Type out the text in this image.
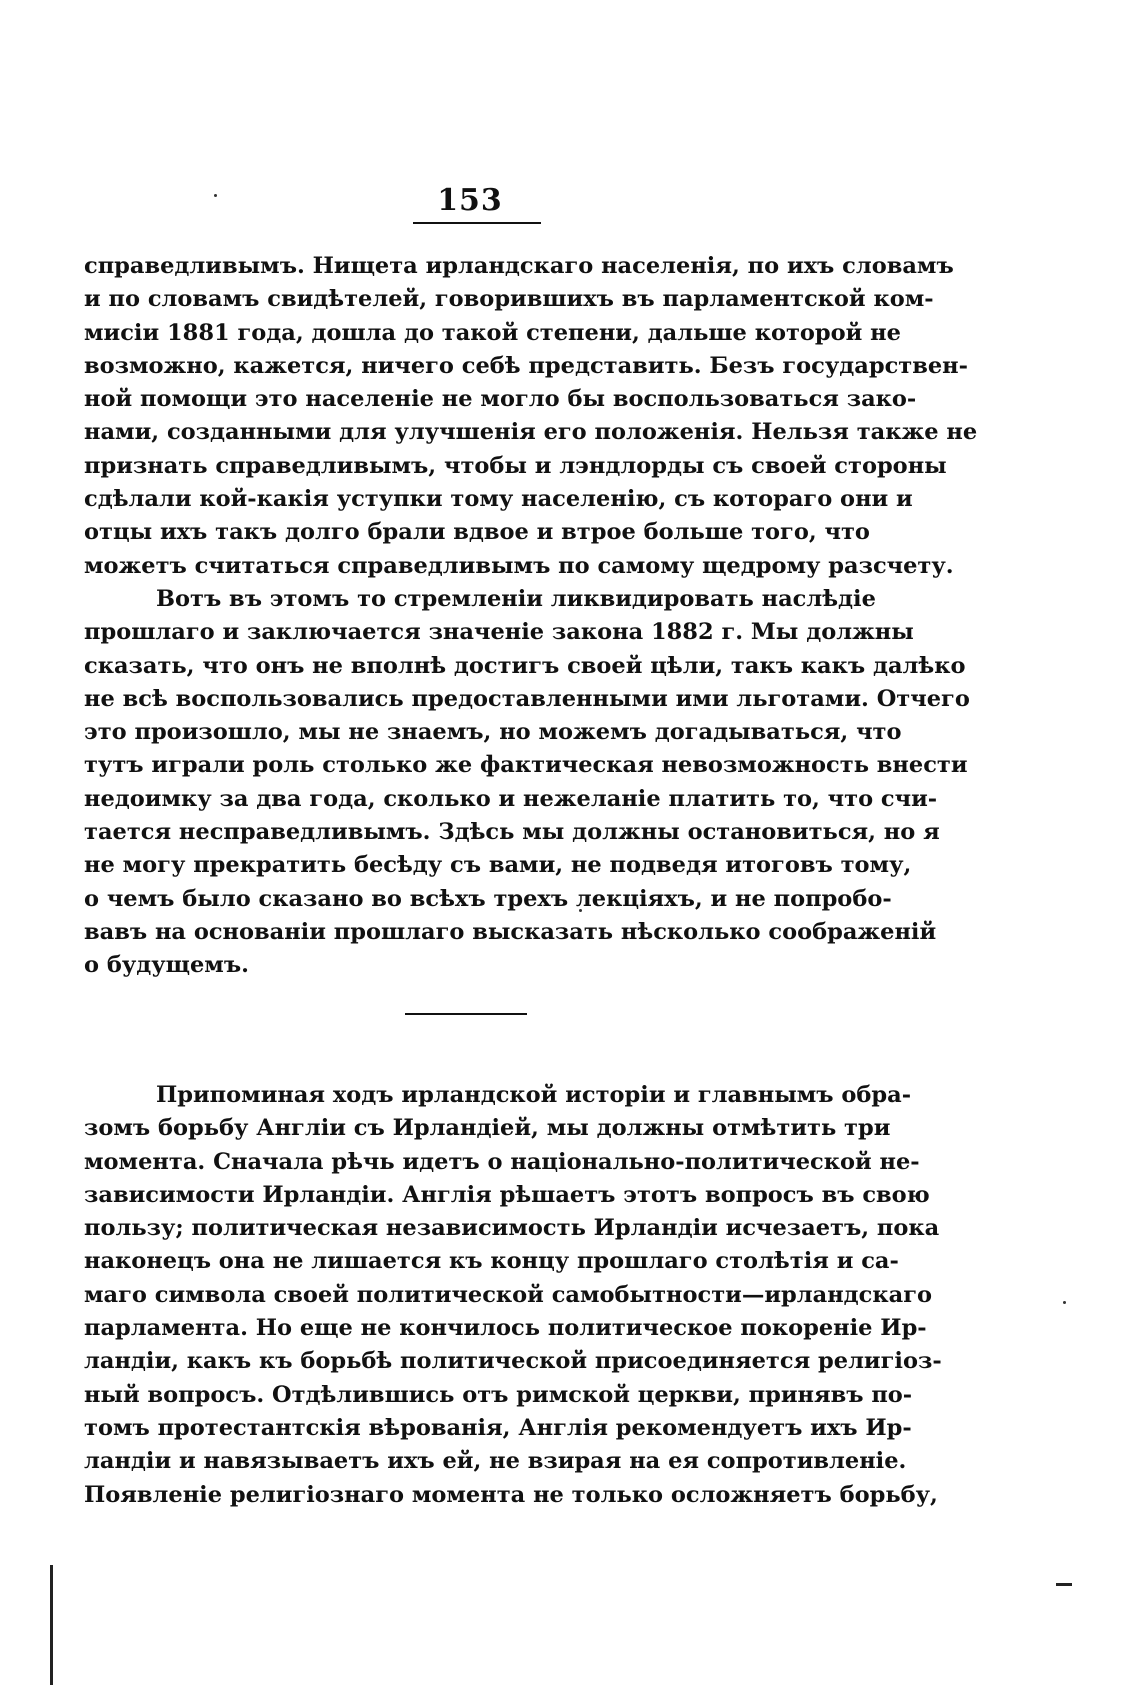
153
справедливымъ. Нищета ирландскаго населенія, по ихъ словамъ
и по словамъ свидѣтелей, говорившихъ въ парламентской ком-
мисіи 1881 года, дошла до такой степени, дальше которой не
возможно, кажется, ничего себѣ представить. Безъ государствен-
ной помощи это населеніе не могло бы воспользоваться зако-
нами, созданными для улучшенія его положенія. Нельзя также не
признать справедливымъ, чтобы и лэндлорды съ своей стороны
сдѣлали кой-какія уступки тому населенію, съ котораго они и
отцы ихъ такъ долго брали вдвое и втрое больше того, что
можетъ считаться справедливымъ по самому щедрому разсчету.
Вотъ въ этомъ то стремленіи ликвидировать наслѣдіе
прошлаго и заключается значеніе закона 1882 г. Мы должны
сказать, что онъ не вполнѣ достигъ своей цѣли, такъ какъ далѣко
не всѣ воспользовались предоставленными ими льготами. Отчего
это произошло, мы не знаемъ, но можемъ догадываться, что
тутъ играли роль столько же фактическая невозможность внести
недоимку за два года, сколько и нежеланіе платить то, что счи-
тается несправедливымъ. Здѣсь мы должны остановиться, но я
не могу прекратить бесѣду съ вами, не подведя итоговъ тому,
о чемъ было сказано во всѣхъ трехъ лекціяхъ, и не попробо-
вавъ на основаніи прошлаго высказать нѣсколько соображеній
о будущемъ.
Припоминая ходъ ирландской исторіи и главнымъ обра-
зомъ борьбу Англіи съ Ирландіей, мы должны отмѣтить три
момента. Сначала рѣчь идетъ о національно-политической не-
зависимости Ирландіи. Англія рѣшаетъ этотъ вопросъ въ свою
пользу; политическая независимость Ирландіи исчезаетъ, пока
наконецъ она не лишается къ концу прошлаго столѣтія и са-
маго символа своей политической самобытности—ирландскаго
парламента. Но еще не кончилось политическое покореніе Ир-
ландіи, какъ къ борьбѣ политической присоединяется религіоз-
ный вопросъ. Отдѣлившись отъ римской церкви, принявъ по-
томъ протестантскія вѣрованія, Англія рекомендуетъ ихъ Ир-
ландіи и навязываетъ ихъ ей, не взирая на ея сопротивленіе.
Появленіе религіознаго момента не только осложняетъ борьбу,
